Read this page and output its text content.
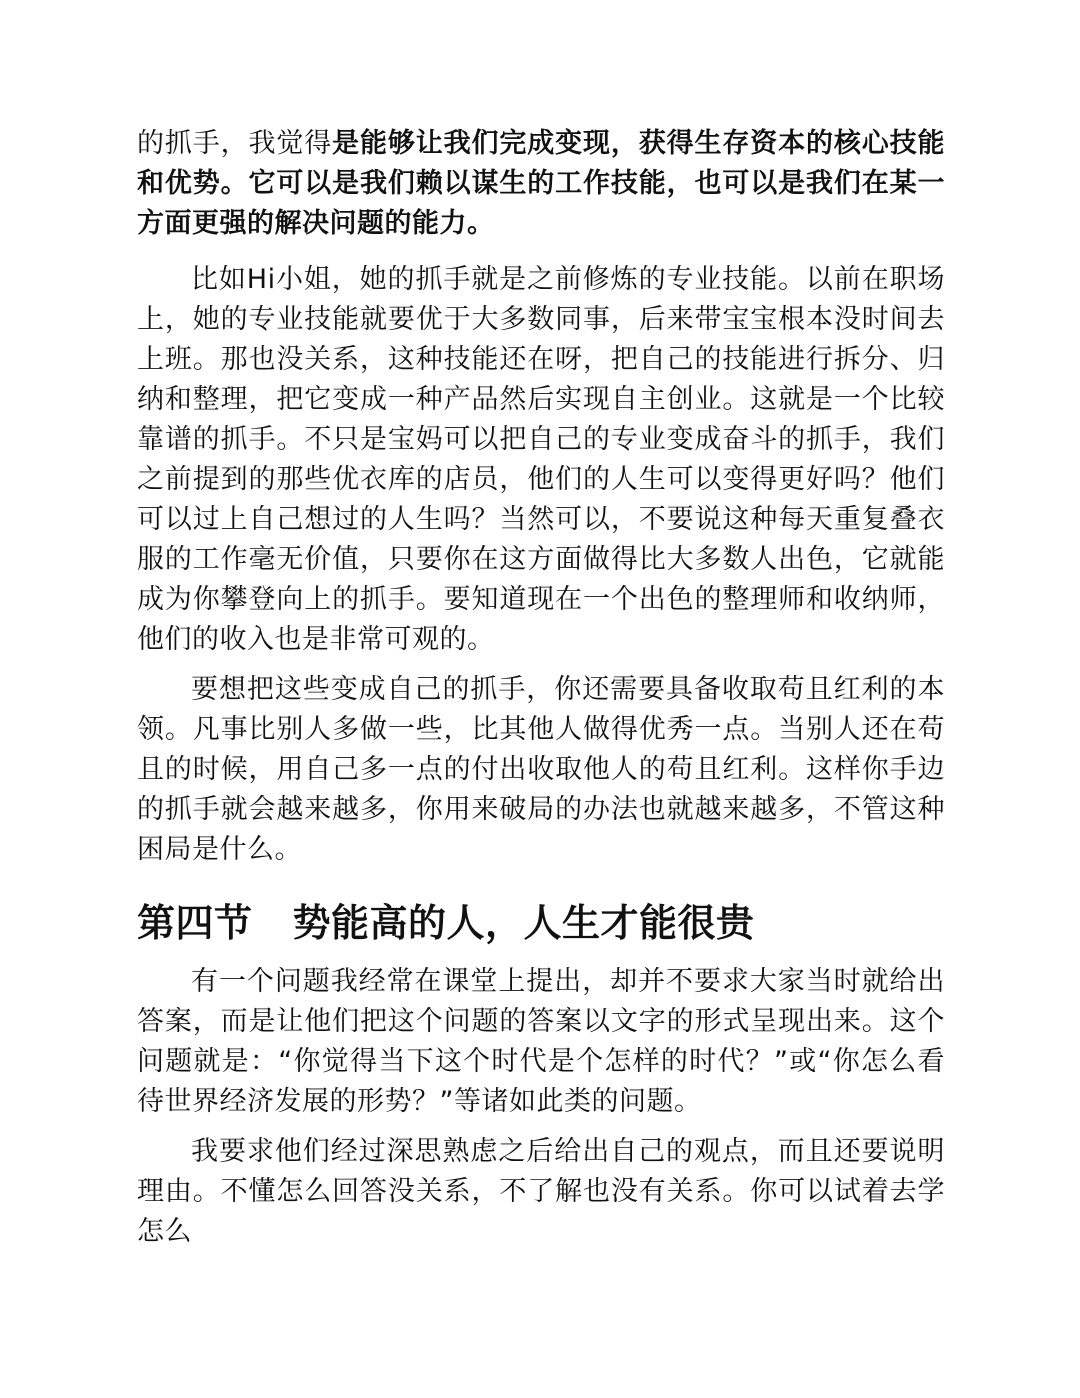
的抓手，我觉得是能够让我们完成变现，获得生存资本的核心技能和优势。它可以是我们赖以谋生的工作技能，也可以是我们在某一方面更强的解决问题的能力。

比如Hi小姐，她的抓手就是之前修炼的专业技能。以前在职场上，她的专业技能就要优于大多数同事，后来带宝宝根本没时间去上班。那也没关系，这种技能还在呀，把自己的技能进行拆分、归纳和整理，把它变成一种产品然后实现自主创业。这就是一个比较靠谱的抓手。不只是宝妈可以把自己的专业变成奋斗的抓手，我们之前提到的那些优衣库的店员，他们的人生可以变得更好吗？他们可以过上自己想过的人生吗？当然可以，不要说这种每天重复叠衣服的工作毫无价值，只要你在这方面做得比大多数人出色，它就能成为你攀登向上的抓手。要知道现在一个出色的整理师和收纳师，他们的收入也是非常可观的。

要想把这些变成自己的抓手，你还需要具备收取苟且红利的本领。凡事比别人多做一些，比其他人做得优秀一点。当别人还在苟且的时候，用自己多一点的付出收取他人的苟且红利。这样你手边的抓手就会越来越多，你用来破局的办法也就越来越多，不管这种困局是什么。

第四节 势能高的人，人生才能很贵

有一个问题我经常在课堂上提出，却并不要求大家当时就给出答案，而是让他们把这个问题的答案以文字的形式呈现出来。这个问题就是：“你觉得当下这个时代是个怎样的时代？”或“你怎么看待世界经济发展的形势？”等诸如此类的问题。

我要求他们经过深思熟虑之后给出自己的观点，而且还要说明理由。不懂怎么回答没关系，不了解也没有关系。你可以试着去学怎么
